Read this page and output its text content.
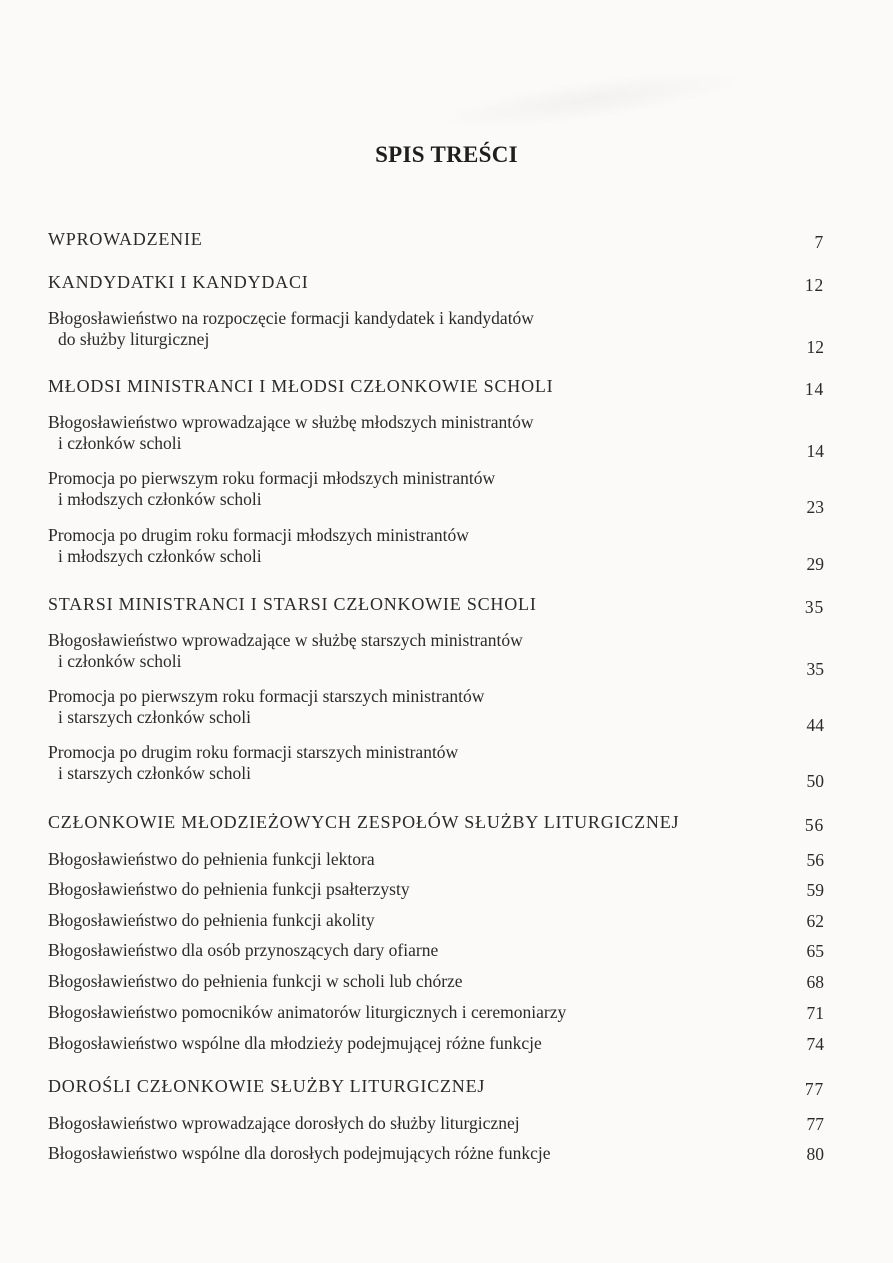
SPIS TREŚCI
WPROWADZENIE	7
KANDYDATKI I KANDYDACI	12
Błogosławieństwo na rozpoczęcie formacji kandydatek i kandydatów
do służby liturgicznej	12
MŁODSI MINISTRANCI I MŁODSI CZŁONKOWIE SCHOLI	14
Błogosławieństwo wprowadzające w służbę młodszych ministrantów
i członków scholi	14
Promocja po pierwszym roku formacji młodszych ministrantów
i młodszych członków scholi	23
Promocja po drugim roku formacji młodszych ministrantów
i młodszych członków scholi	29
STARSI MINISTRANCI I STARSI CZŁONKOWIE SCHOLI	35
Błogosławieństwo wprowadzające w służbę starszych ministrantów
i członków scholi	35
Promocja po pierwszym roku formacji starszych ministrantów
i starszych członków scholi	44
Promocja po drugim roku formacji starszych ministrantów
i starszych członków scholi	50
CZŁONKOWIE MŁODZIEŻOWYCH ZESPOŁÓW SŁUŻBY LITURGICZNEJ	56
Błogosławieństwo do pełnienia funkcji lektora	56
Błogosławieństwo do pełnienia funkcji psałterzysty	59
Błogosławieństwo do pełnienia funkcji akolity	62
Błogosławieństwo dla osób przynoszących dary ofiarne	65
Błogosławieństwo do pełnienia funkcji w scholi lub chórze	68
Błogosławieństwo pomocników animatorów liturgicznych i ceremoniarzy	71
Błogosławieństwo wspólne dla młodzieży podejmującej różne funkcje	74
DOROŚLI CZŁONKOWIE SŁUŻBY LITURGICZNEJ	77
Błogosławieństwo wprowadzające dorosłych do służby liturgicznej	77
Błogosławieństwo wspólne dla dorosłych podejmujących różne funkcje	80
